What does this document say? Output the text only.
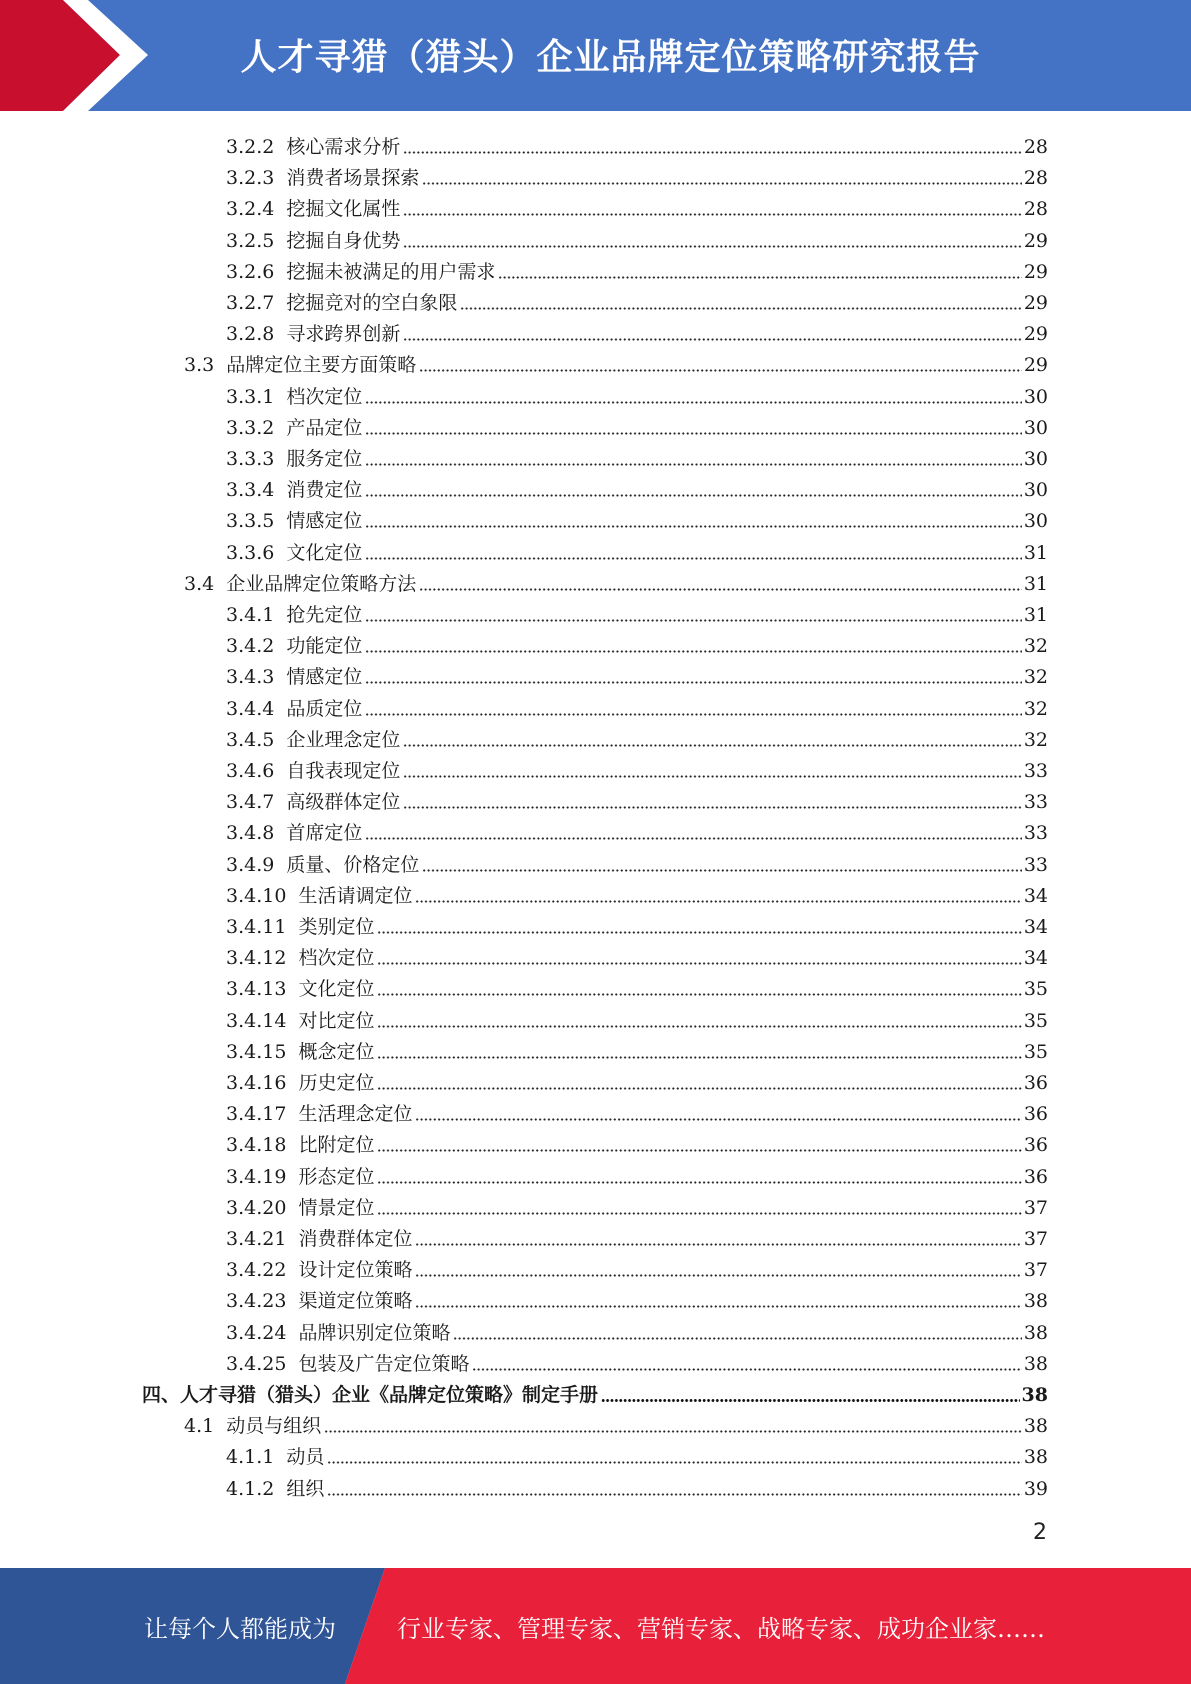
人才寻猎（猎头）企业品牌定位策略研究报告
3.2.2 核心需求分析	28
3.2.3 消费者场景探索	28
3.2.4 挖掘文化属性	28
3.2.5 挖掘自身优势	29
3.2.6 挖掘未被满足的用户需求	29
3.2.7 挖掘竞对的空白象限	29
3.2.8 寻求跨界创新	29
3.3 品牌定位主要方面策略	29
3.3.1 档次定位	30
3.3.2 产品定位	30
3.3.3 服务定位	30
3.3.4 消费定位	30
3.3.5 情感定位	30
3.3.6 文化定位	31
3.4 企业品牌定位策略方法	31
3.4.1 抢先定位	31
3.4.2 功能定位	32
3.4.3 情感定位	32
3.4.4 品质定位	32
3.4.5 企业理念定位	32
3.4.6 自我表现定位	33
3.4.7 高级群体定位	33
3.4.8 首席定位	33
3.4.9 质量、价格定位	33
3.4.10 生活请调定位	34
3.4.11 类别定位	34
3.4.12 档次定位	34
3.4.13 文化定位	35
3.4.14 对比定位	35
3.4.15 概念定位	35
3.4.16 历史定位	36
3.4.17 生活理念定位	36
3.4.18 比附定位	36
3.4.19 形态定位	36
3.4.20 情景定位	37
3.4.21 消费群体定位	37
3.4.22 设计定位策略	37
3.4.23 渠道定位策略	38
3.4.24 品牌识别定位策略	38
3.4.25 包装及广告定位策略	38
四、人才寻猎（猎头）企业《品牌定位策略》制定手册	38
4.1 动员与组织	38
4.1.1 动员	38
4.1.2 组织	39
2
让每个人都能成为	行业专家、管理专家、营销专家、战略专家、成功企业家……
